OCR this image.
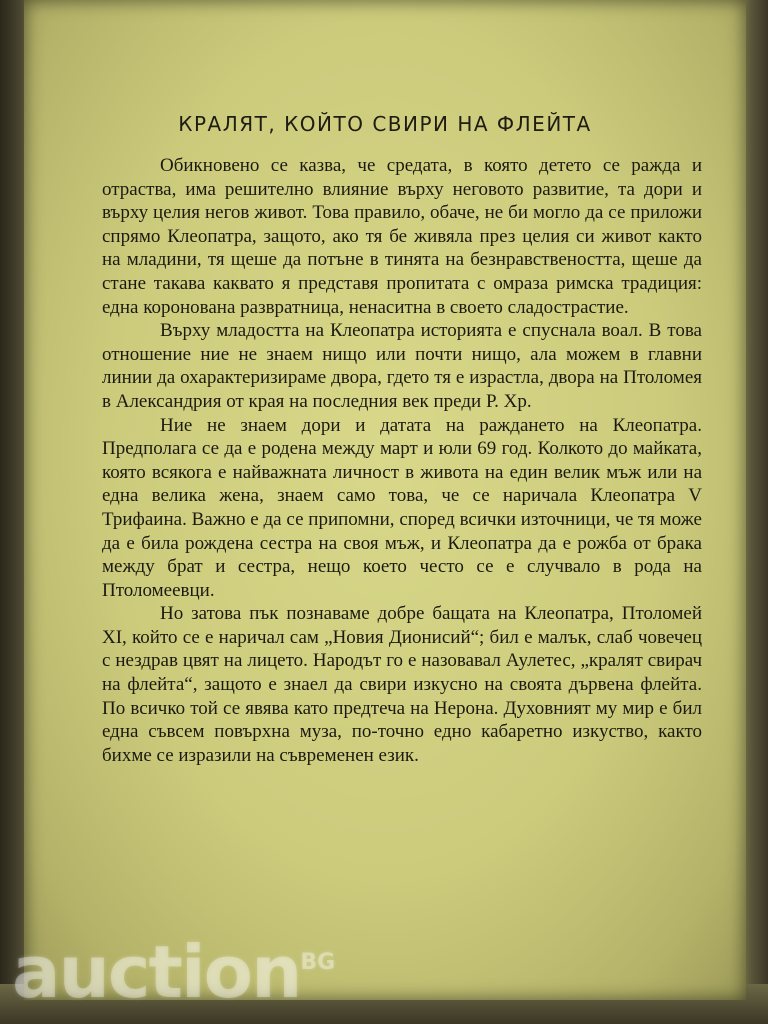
КРАЛЯТ, КОЙТО СВИРИ НА ФЛЕЙТА

Обикновено се казва, че средата, в която детето се ражда и отраства, има решително влияние върху неговото развитие, та дори и върху целия негов живот. Това правило, обаче, не би могло да се приложи спрямо Клеопатра, защото, ако тя бе живяла през целия си живот както на младини, тя щеше да потъне в тинята на безнравствеността, щеше да стане такава каквато я представя пропитата с омраза римска традиция: една коронована развратница, ненаситна в своето сладострастие.

Върху младостта на Клеопатра историята е спуснала воал. В това отношение ние не знаем нищо или почти нищо, ала можем в главни линии да охарактеризираме двора, гдето тя е израстла, двора на Птоломея в Александрия от края на последния век преди Р. Хр.

Ние не знаем дори и датата на раждането на Клеопатра. Предполага се да е родена между март и юли 69 год. Колкото до майката, която всякога е найважната личност в живота на един велик мъж или на една велика жена, знаем само това, че се наричала Клеопатра V Трифаина. Важно е да се припомни, според всички източници, че тя може да е била рождена сестра на своя мъж, и Клеопатра да е рожба от брака между брат и сестра, нещо което често се е случвало в рода на Птоломеевци.

Но затова пък познаваме добре бащата на Клеопатра, Птоломей XI, който се е наричал сам „Новия Дионисий“; бил е малък, слаб човечец с нездрав цвят на лицето. Народът го е назовавал Аулетес, „кралят свирач на флейта“, защото е знаел да свири изкусно на своята дървена флейта. По всичко той се явява като предтеча на Нерона. Духовният му мир е бил една съвсем повърхна муза, по-точно едно кабаретно изкуство, както бихме се изразили на съвременен език.

auction$^{BG}$
